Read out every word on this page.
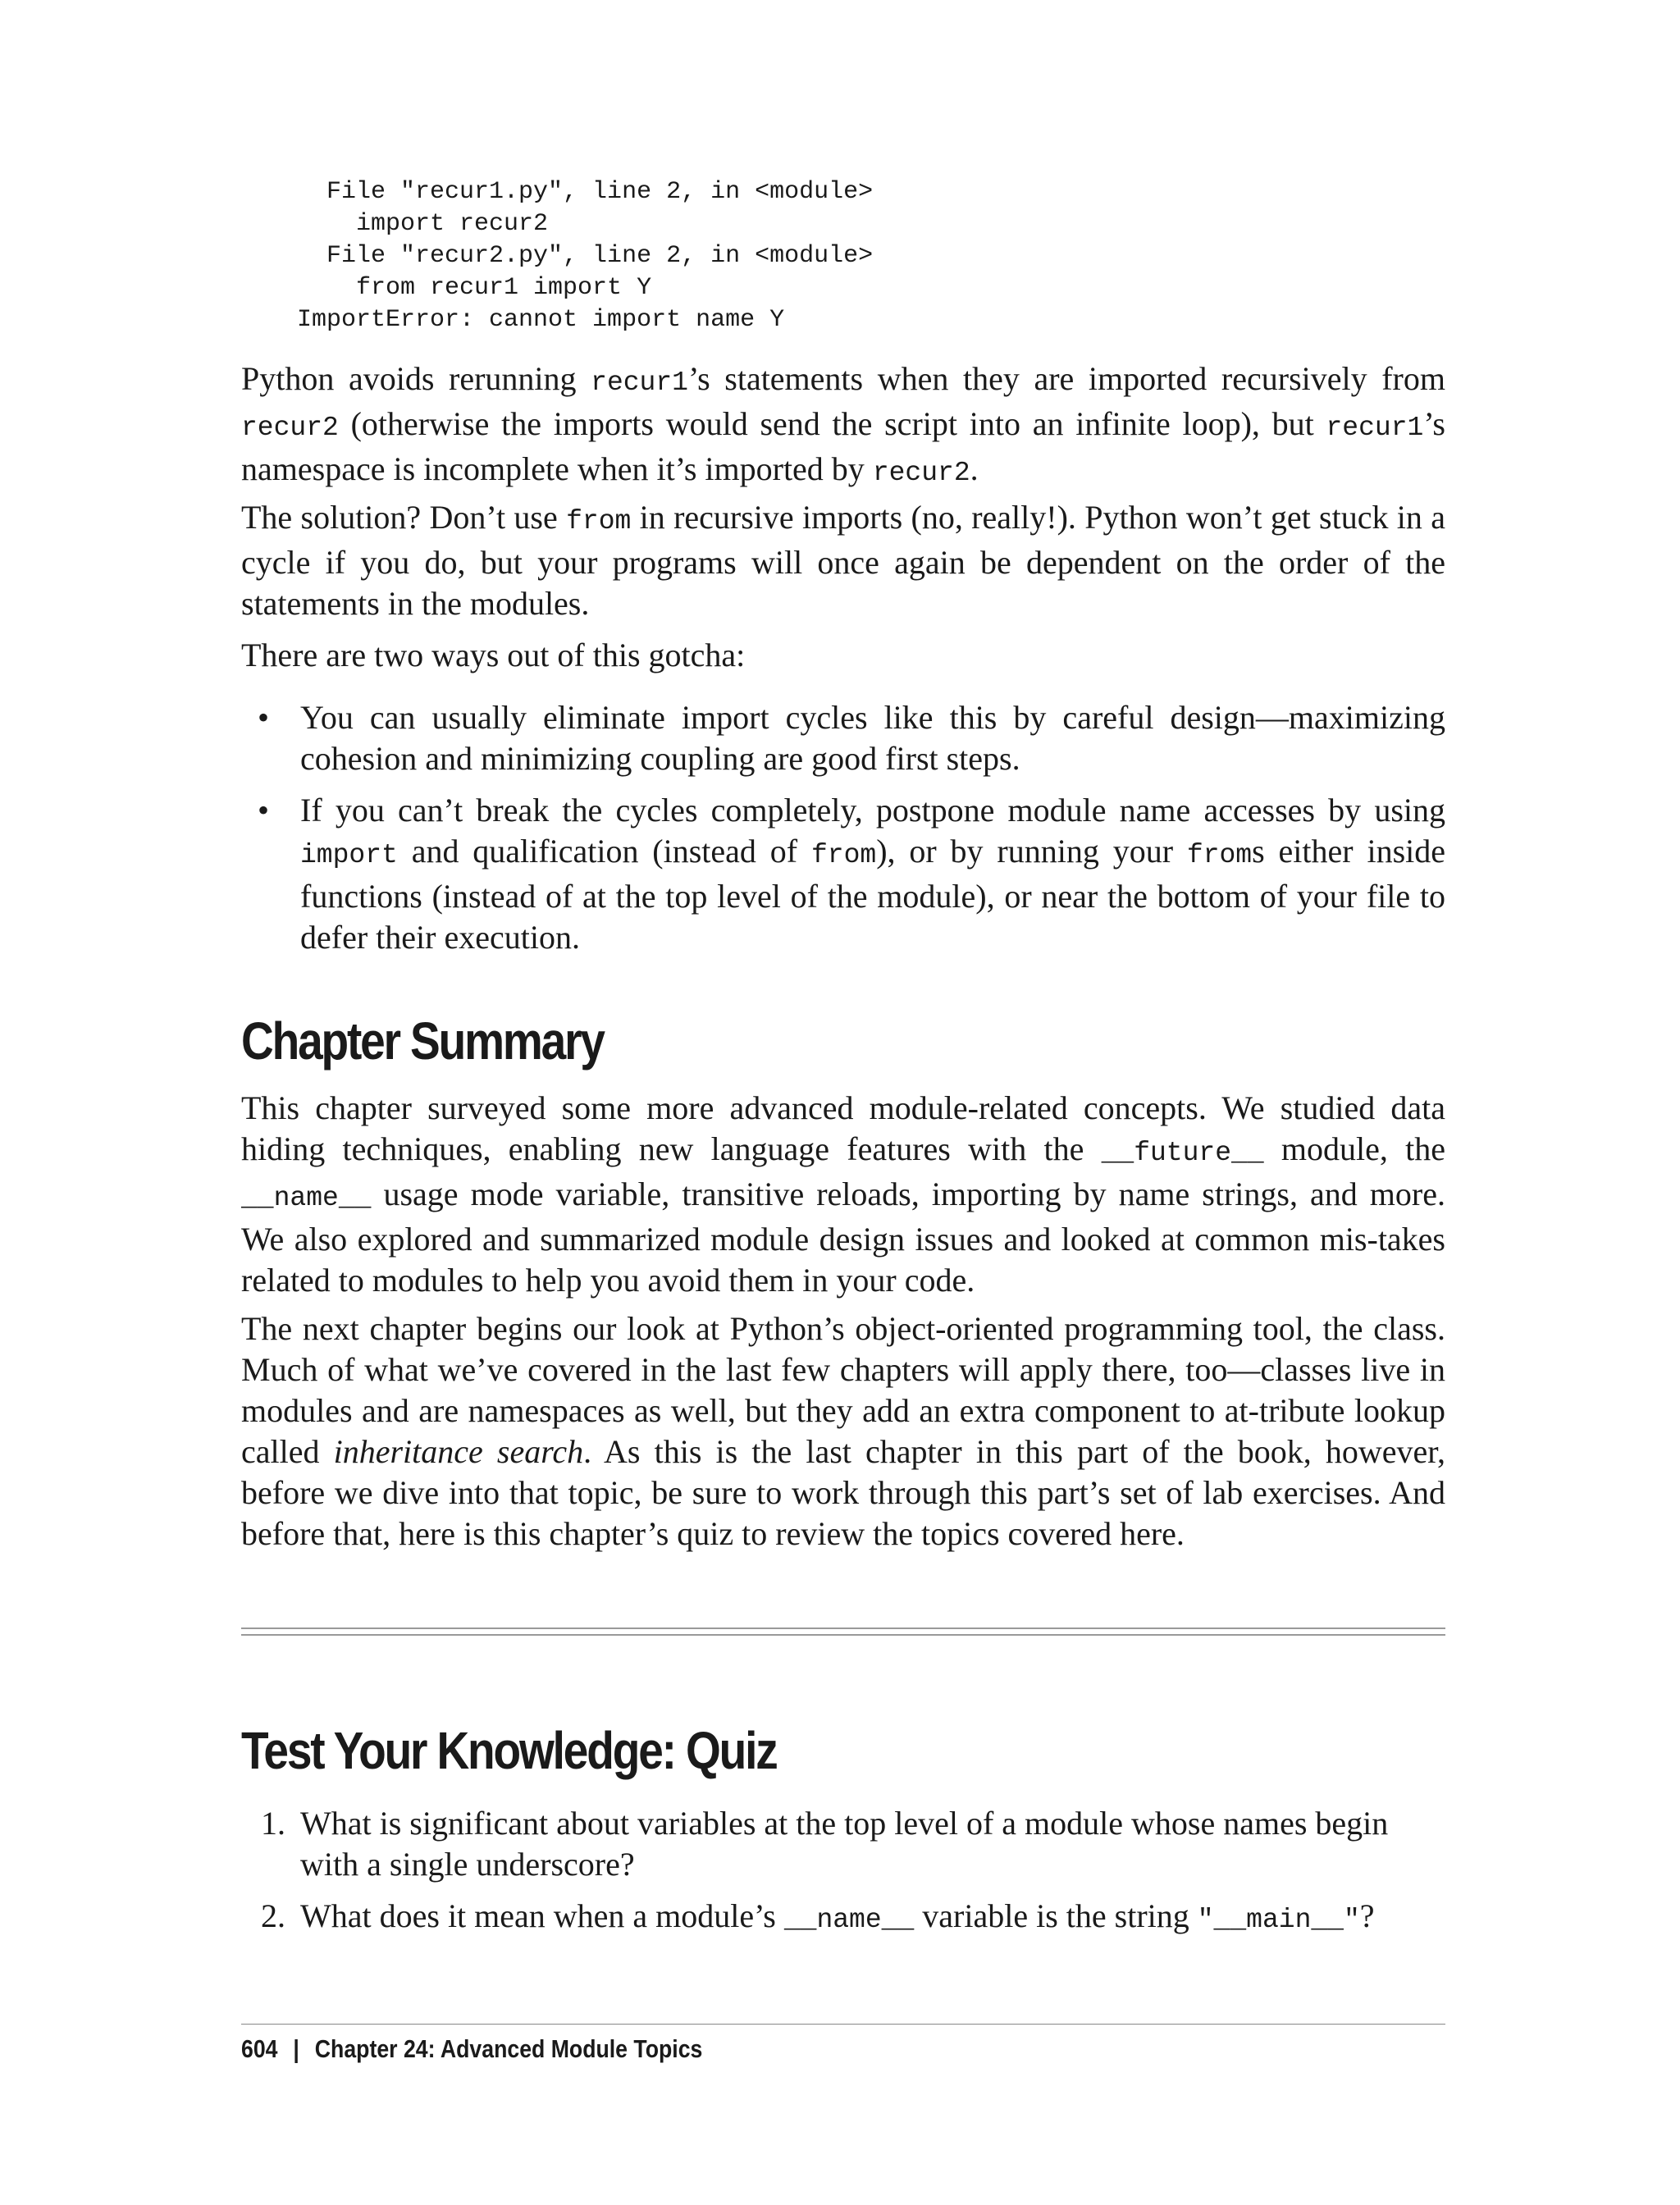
File "recur1.py", line 2, in <module>
import recur2
File "recur2.py", line 2, in <module>
from recur1 import Y
ImportError: cannot import name Y

Python avoids rerunning recur1’s statements when they are imported recursively from recur2 (otherwise the imports would send the script into an infinite loop), but recur1’s namespace is incomplete when it’s imported by recur2.

The solution? Don’t use from in recursive imports (no, really!). Python won’t get stuck in a cycle if you do, but your programs will once again be dependent on the order of the statements in the modules.

There are two ways out of this gotcha:

• You can usually eliminate import cycles like this by careful design—maximizing cohesion and minimizing coupling are good first steps.
• If you can’t break the cycles completely, postpone module name accesses by using import and qualification (instead of from), or by running your froms either inside functions (instead of at the top level of the module), or near the bottom of your file to defer their execution.
Chapter Summary

This chapter surveyed some more advanced module-related concepts. We studied data hiding techniques, enabling new language features with the __future__ module, the __name__ usage mode variable, transitive reloads, importing by name strings, and more. We also explored and summarized module design issues and looked at common mis-takes related to modules to help you avoid them in your code.

The next chapter begins our look at Python’s object-oriented programming tool, the class. Much of what we’ve covered in the last few chapters will apply there, too—classes live in modules and are namespaces as well, but they add an extra component to at-tribute lookup called inheritance search. As this is the last chapter in this part of the book, however, before we dive into that topic, be sure to work through this part’s set of lab exercises. And before that, here is this chapter’s quiz to review the topics covered here.

Test Your Knowledge: Quiz
1. What is significant about variables at the top level of a module whose names begin with a single underscore?
2. What does it mean when a module’s __name__ variable is the string "__main__"?
604 | Chapter 24: Advanced Module Topics
